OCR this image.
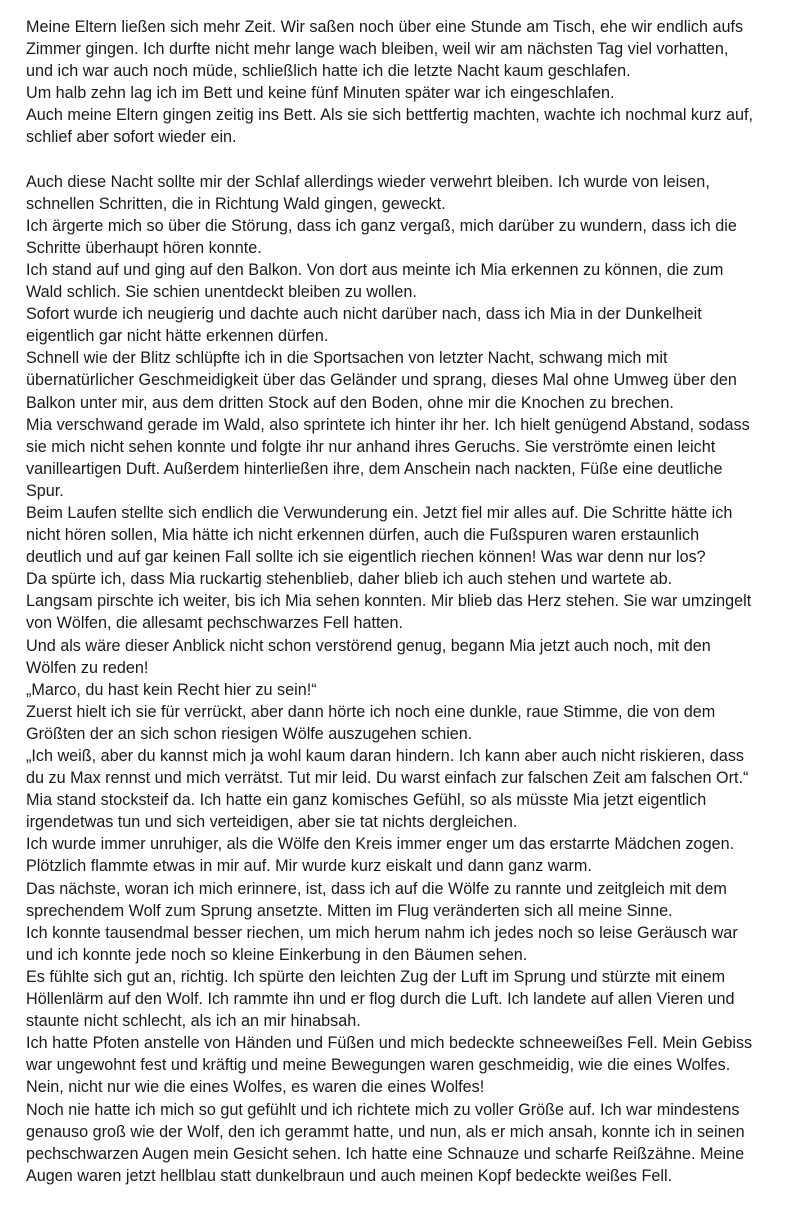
Meine Eltern ließen sich mehr Zeit. Wir saßen noch über eine Stunde am Tisch, ehe wir endlich aufs
Zimmer gingen. Ich durfte nicht mehr lange wach bleiben, weil wir am nächsten Tag viel vorhatten,
und ich war auch noch müde, schließlich hatte ich die letzte Nacht kaum geschlafen.

Um halb zehn lag ich im Bett und keine fünf Minuten später war ich eingeschlafen.

Auch meine Eltern gingen zeitig ins Bett. Als sie sich bettfertig machten, wachte ich nochmal kurz auf,
schlief aber sofort wieder ein.

Auch diese Nacht sollte mir der Schlaf allerdings wieder verwehrt bleiben. Ich wurde von leisen,
schnellen Schritten, die in Richtung Wald gingen, geweckt.

Ich ärgerte mich so über die Störung, dass ich ganz vergaß, mich darüber zu wundern, dass ich die
Schritte überhaupt hören konnte.

Ich stand auf und ging auf den Balkon. Von dort aus meinte ich Mia erkennen zu können, die zum
Wald schlich. Sie schien unentdeckt bleiben zu wollen.

Sofort wurde ich neugierig und dachte auch nicht darüber nach, dass ich Mia in der Dunkelheit
eigentlich gar nicht hätte erkennen dürfen.

Schnell wie der Blitz schlüpfte ich in die Sportsachen von letzter Nacht, schwang mich mit
übernatürlicher Geschmeidigkeit über das Geländer und sprang, dieses Mal ohne Umweg über den
Balkon unter mir, aus dem dritten Stock auf den Boden, ohne mir die Knochen zu brechen.

Mia verschwand gerade im Wald, also sprintete ich hinter ihr her. Ich hielt genügend Abstand, sodass
sie mich nicht sehen konnte und folgte ihr nur anhand ihres Geruchs. Sie verströmte einen leicht
vanilleartigen Duft. Außerdem hinterließen ihre, dem Anschein nach nackten, Füße eine deutliche
Spur.

Beim Laufen stellte sich endlich die Verwunderung ein. Jetzt fiel mir alles auf. Die Schritte hätte ich
nicht hören sollen, Mia hätte ich nicht erkennen dürfen, auch die Fußspuren waren erstaunlich
deutlich und auf gar keinen Fall sollte ich sie eigentlich riechen können! Was war denn nur los?

Da spürte ich, dass Mia ruckartig stehenblieb, daher blieb ich auch stehen und wartete ab.

Langsam pirschte ich weiter, bis ich Mia sehen konnten. Mir blieb das Herz stehen. Sie war umzingelt
von Wölfen, die allesamt pechschwarzes Fell hatten.

Und als wäre dieser Anblick nicht schon verstörend genug, begann Mia jetzt auch noch, mit den
Wölfen zu reden!

„Marco, du hast kein Recht hier zu sein!“

Zuerst hielt ich sie für verrückt, aber dann hörte ich noch eine dunkle, raue Stimme, die von dem
Größten der an sich schon riesigen Wölfe auszugehen schien.

„Ich weiß, aber du kannst mich ja wohl kaum daran hindern. Ich kann aber auch nicht riskieren, dass
du zu Max rennst und mich verrätst. Tut mir leid. Du warst einfach zur falschen Zeit am falschen Ort.“

Mia stand stocksteif da. Ich hatte ein ganz komisches Gefühl, so als müsste Mia jetzt eigentlich
irgendetwas tun und sich verteidigen, aber sie tat nichts dergleichen.

Ich wurde immer unruhiger, als die Wölfe den Kreis immer enger um das erstarrte Mädchen zogen.

Plötzlich flammte etwas in mir auf. Mir wurde kurz eiskalt und dann ganz warm.

Das nächste, woran ich mich erinnere, ist, dass ich auf die Wölfe zu rannte und zeitgleich mit dem
sprechendem Wolf zum Sprung ansetzte. Mitten im Flug veränderten sich all meine Sinne.

Ich konnte tausendmal besser riechen, um mich herum nahm ich jedes noch so leise Geräusch war
und ich konnte jede noch so kleine Einkerbung in den Bäumen sehen.

Es fühlte sich gut an, richtig. Ich spürte den leichten Zug der Luft im Sprung und stürzte mit einem
Höllenlärm auf den Wolf. Ich rammte ihn und er flog durch die Luft. Ich landete auf allen Vieren und
staunte nicht schlecht, als ich an mir hinabsah.

Ich hatte Pfoten anstelle von Händen und Füßen und mich bedeckte schneeweißes Fell. Mein Gebiss
war ungewohnt fest und kräftig und meine Bewegungen waren geschmeidig, wie die eines Wolfes.

Nein, nicht nur wie die eines Wolfes, es waren die eines Wolfes!

Noch nie hatte ich mich so gut gefühlt und ich richtete mich zu voller Größe auf. Ich war mindestens
genauso groß wie der Wolf, den ich gerammt hatte, und nun, als er mich ansah, konnte ich in seinen
pechschwarzen Augen mein Gesicht sehen. Ich hatte eine Schnauze und scharfe Reißzähne. Meine
Augen waren jetzt hellblau statt dunkelbraun und auch meinen Kopf bedeckte weißes Fell.
